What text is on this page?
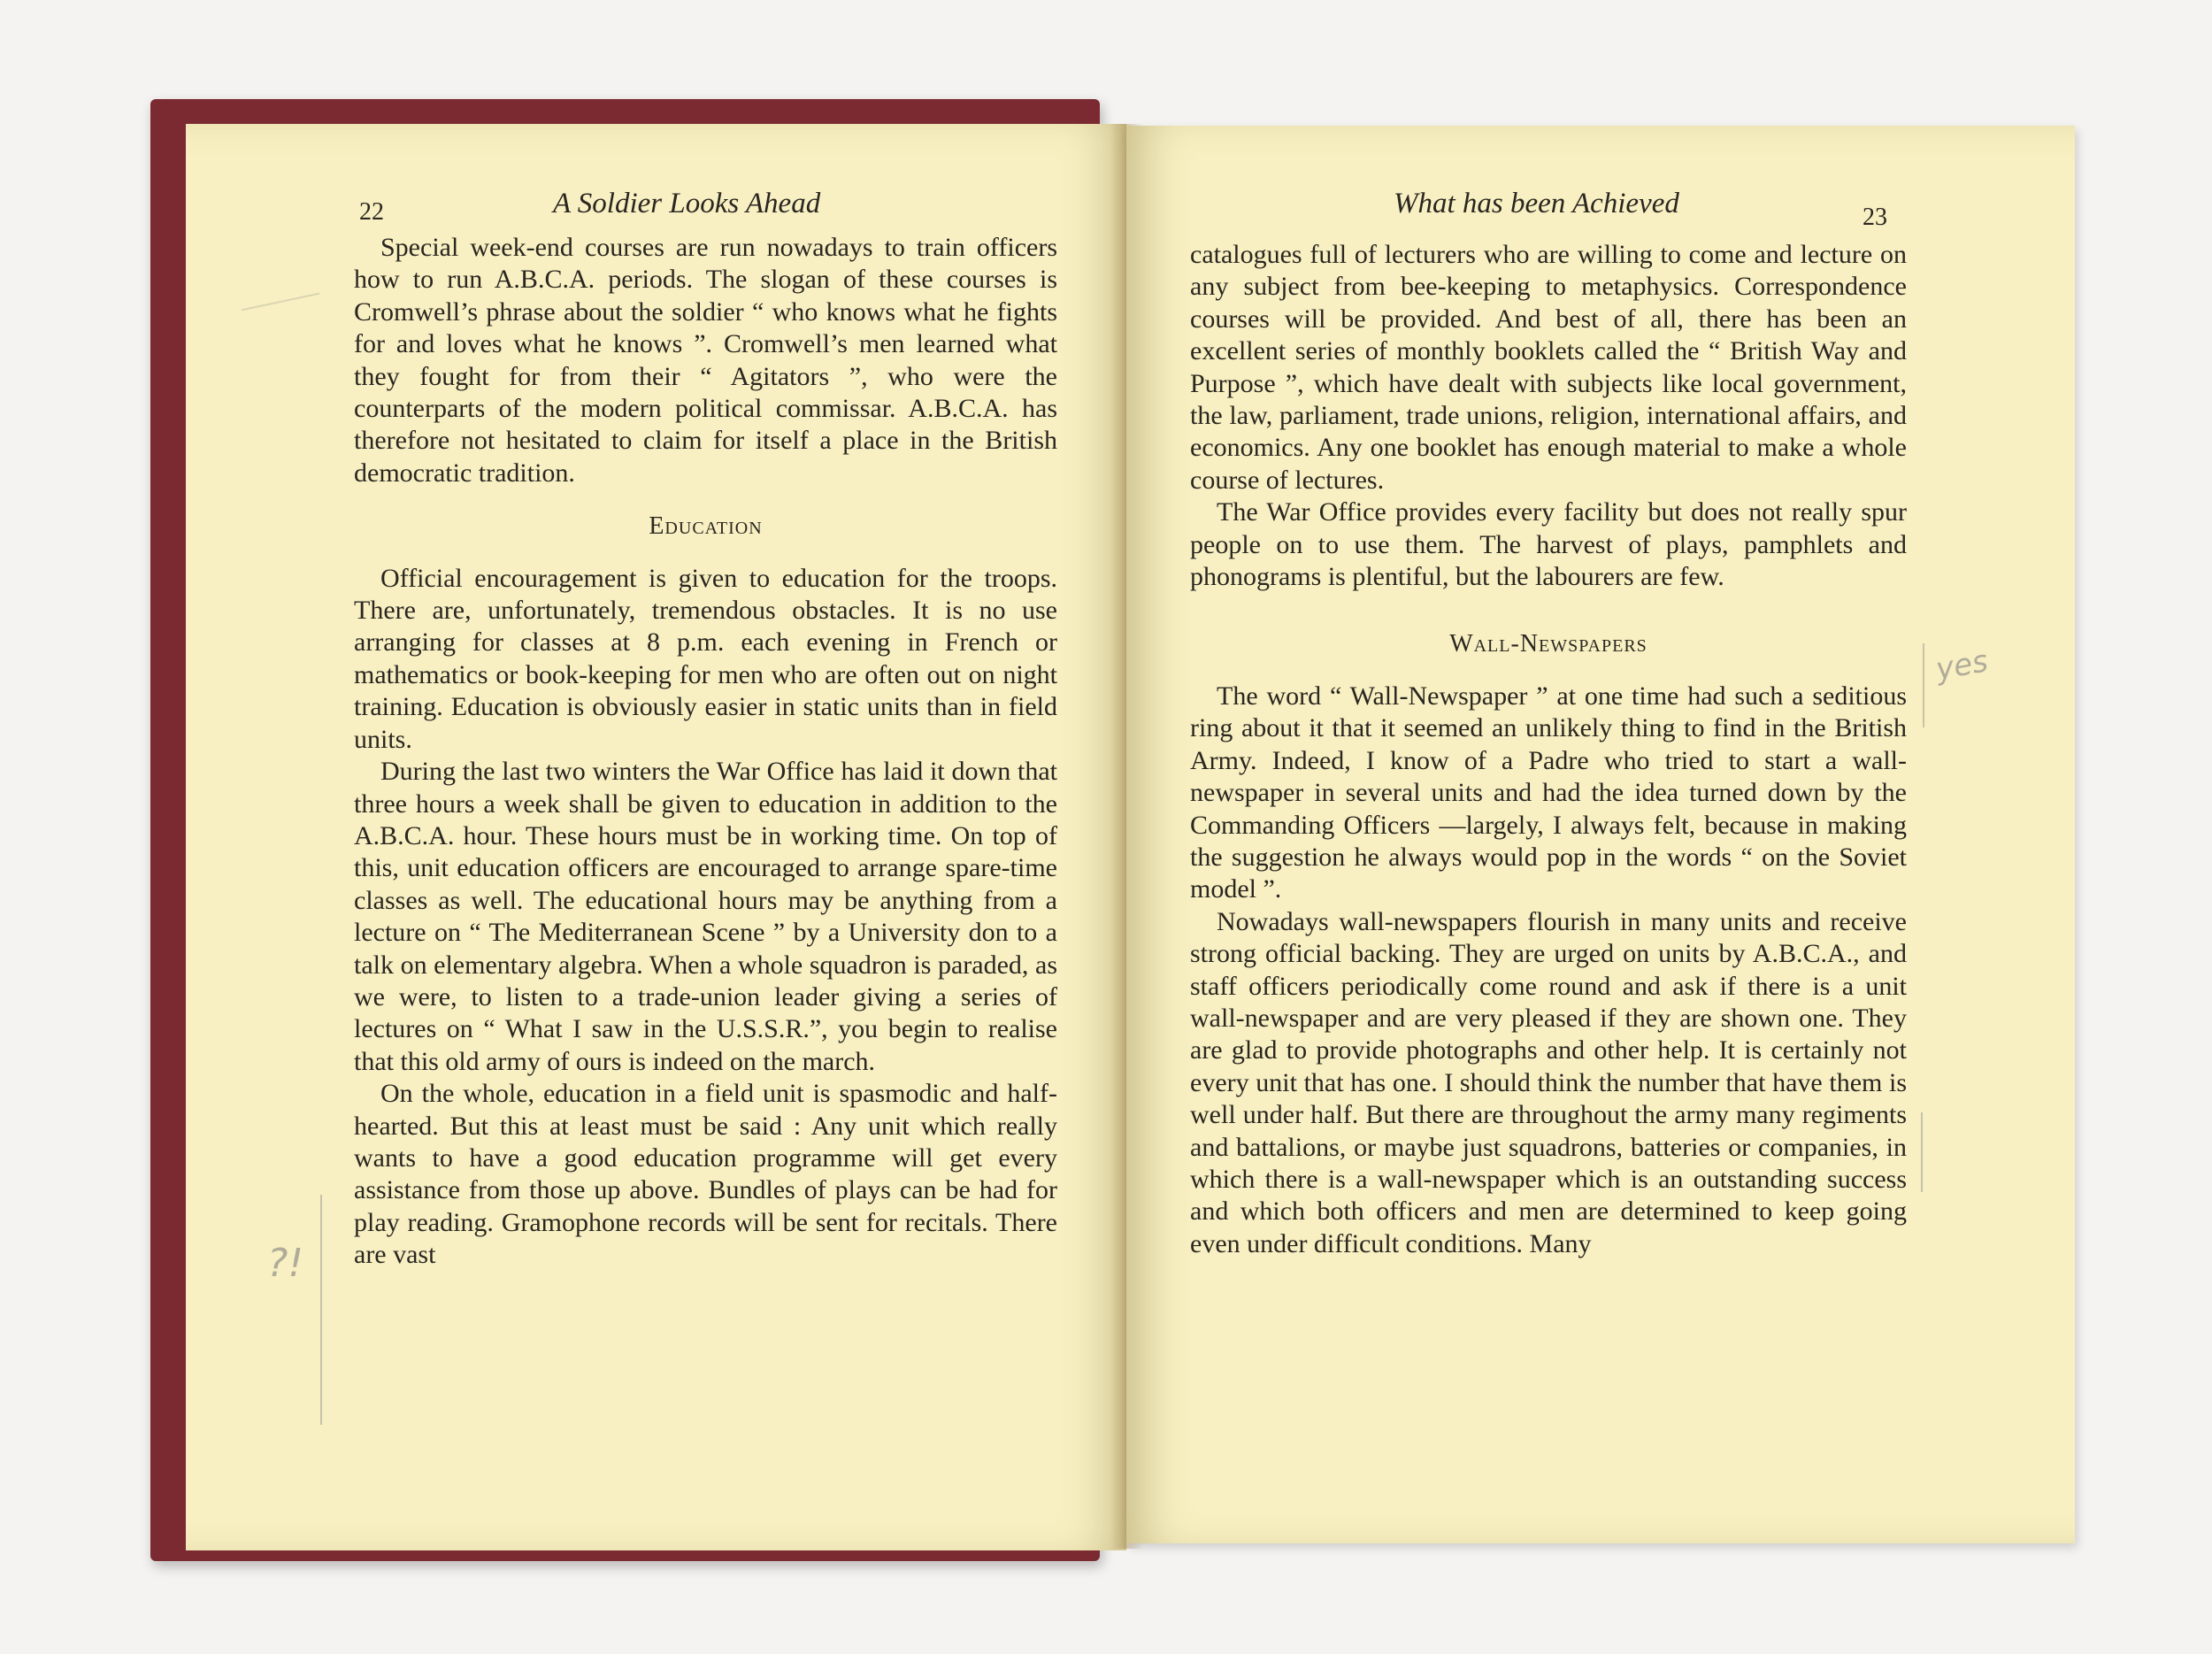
22	A Soldier Looks Ahead

Special week-end courses are run nowadays to train officers how to run A.B.C.A. periods. The slogan of these courses is Cromwell’s phrase about the soldier “ who knows what he fights for and loves what he knows ”. Cromwell’s men learned what they fought for from their “ Agitators ”, who were the counterparts of the modern political commissar. A.B.C.A. has therefore not hesitated to claim for itself a place in the British democratic tradition.

Education

Official encouragement is given to education for the troops. There are, unfortunately, tremendous obstacles. It is no use arranging for classes at 8 p.m. each evening in French or mathematics or book-keeping for men who are often out on night training. Education is obviously easier in static units than in field units.

During the last two winters the War Office has laid it down that three hours a week shall be given to education in addition to the A.B.C.A. hour. These hours must be in working time. On top of this, unit education officers are encouraged to arrange spare-time classes as well. The educational hours may be anything from a lecture on “ The Mediterranean Scene ” by a University don to a talk on elementary algebra. When a whole squadron is paraded, as we were, to listen to a trade-union leader giving a series of lectures on “ What I saw in the U.S.S.R.”, you begin to realise that this old army of ours is indeed on the march.

On the whole, education in a field unit is spasmodic and half-hearted. But this at least must be said : Any unit which really wants to have a good education programme will get every assistance from those up above. Bundles of plays can be had for play reading. Gramophone records will be sent for recitals. There are vast

?!
What has been Achieved	23

catalogues full of lecturers who are willing to come and lecture on any subject from bee-keeping to metaphysics. Correspondence courses will be provided. And best of all, there has been an excellent series of monthly booklets called the “ British Way and Purpose ”, which have dealt with subjects like local government, the law, parliament, trade unions, religion, international affairs, and economics. Any one booklet has enough material to make a whole course of lectures.

The War Office provides every facility but does not really spur people on to use them. The harvest of plays, pamphlets and phonograms is plentiful, but the labourers are few.

Wall-Newspapers

The word “ Wall-Newspaper ” at one time had such a seditious ring about it that it seemed an unlikely thing to find in the British Army. Indeed, I know of a Padre who tried to start a wall-newspaper in several units and had the idea turned down by the Commanding Officers —largely, I always felt, because in making the suggestion he always would pop in the words “ on the Soviet model ”.

Nowadays wall-newspapers flourish in many units and receive strong official backing. They are urged on units by A.B.C.A., and staff officers periodically come round and ask if there is a unit wall-newspaper and are very pleased if they are shown one. They are glad to provide photographs and other help. It is certainly not every unit that has one. I should think the number that have them is well under half. But there are throughout the army many regiments and battalions, or maybe just squadrons, batteries or companies, in which there is a wall-newspaper which is an outstanding success and which both officers and men are determined to keep going even under difficult conditions. Many

yes
